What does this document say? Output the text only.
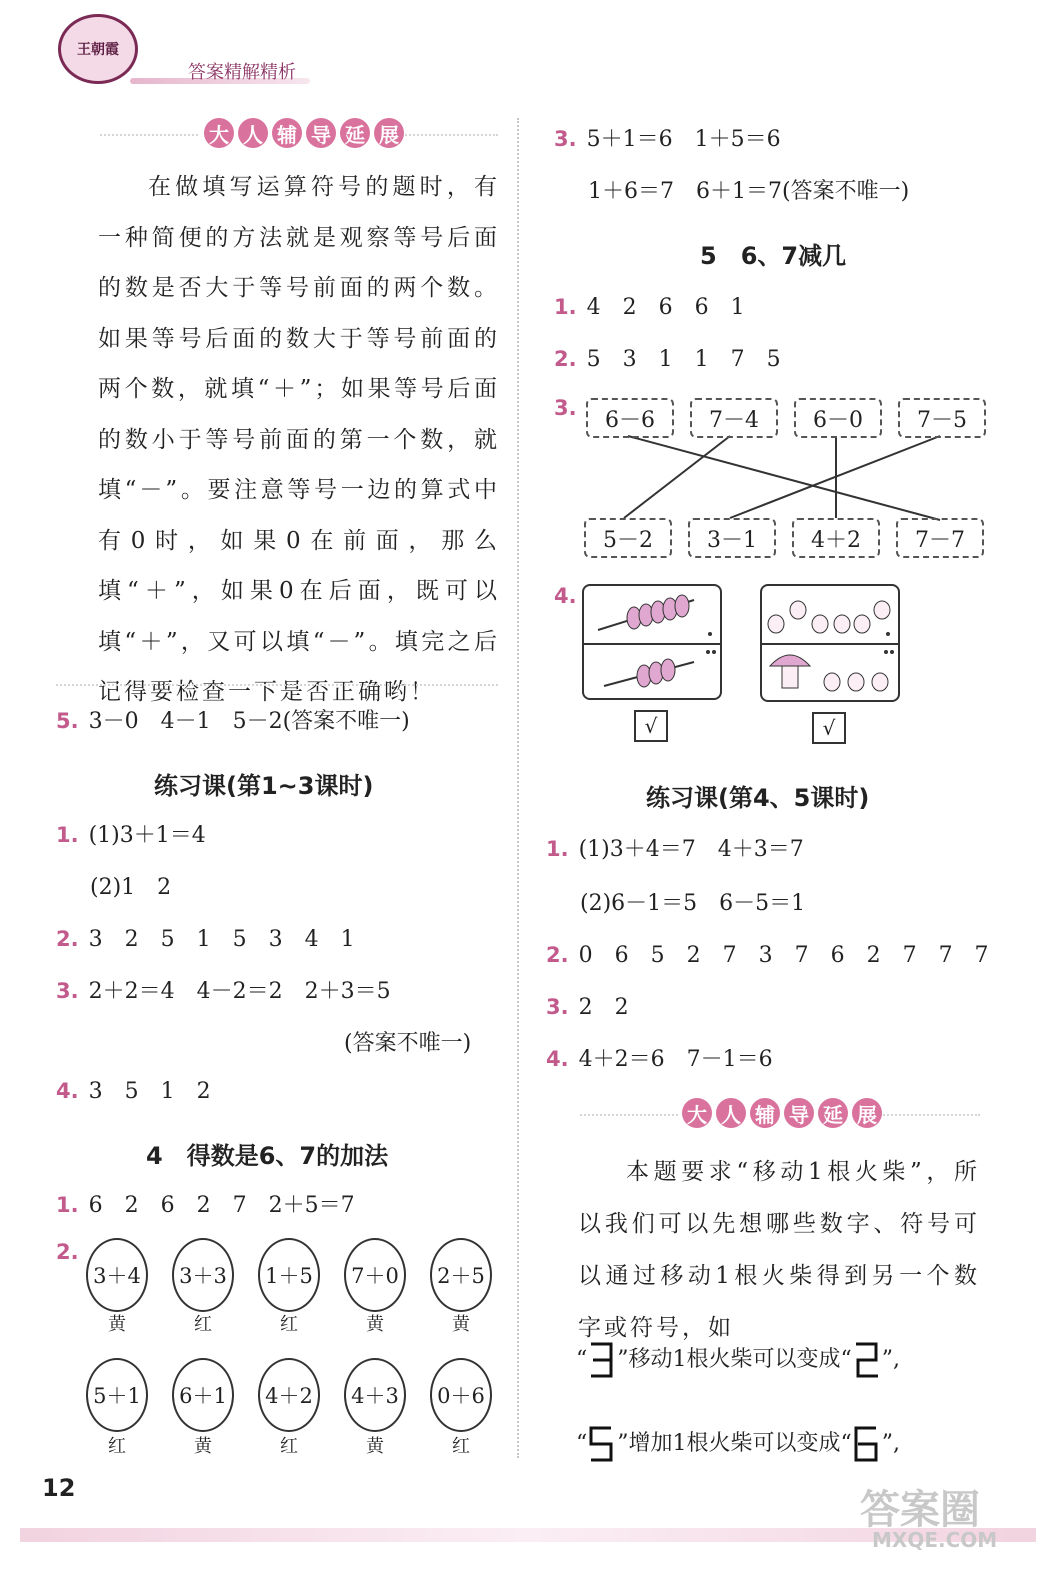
王朝霞
答案精解精析
大 人 辅 导 延 展

在做填写运算符号的题时，有一种简便的方法就是观察等号后面的数是否大于等号前面的两个数。如果等号后面的数大于等号前面的两个数，就填“＋”；如果等号后面的数小于等号前面的第一个数，就填“－”。要注意等号一边的算式中有0时，如果0在前面，那么填“＋”，如果0在后面，既可以填“＋”，又可以填“－”。填完之后记得要检查一下是否正确哟！

5. 3－0　4－1　5－2(答案不唯一)
练习课(第1~3课时)
1. (1)3＋1＝4
(2)1　2
2. 3　2　5　1　5　3　4　1
3. 2＋2＝4　4－2＝2　2＋3＝5
(答案不唯一)
4. 3　5　1　2
4　得数是6、7的加法
1. 6　2　6　2　7　2＋5＝7
2.
3＋4
黄
3＋3
红
1＋5
红
7＋0
黄
2＋5
黄
5＋1
红
6＋1
黄
4＋2
红
4＋3
黄
0＋6
红
3. 5＋1＝6　1＋5＝6
1＋6＝7　6＋1＝7(答案不唯一)
5　6、7减几
1. 4　2　6　6　1
2. 5　3　1　1　7　5
3.	6－6	7－4	6－0	7－5
5－2	3－1	4＋2	7－7
4.
√	√
练习课(第4、5课时)
1. (1)3＋4＝7　4＋3＝7
(2)6－1＝5　6－5＝1
2. 0　6　5　2　7　3　7　6　2　7　7　7
3. 2　2
4. 4＋2＝6　7－1＝6
大 人 辅 导 延 展

本题要求“移动1根火柴”，所以我们可以先想哪些数字、符号可以通过移动1根火柴得到另一个数字或符号，如

“ ”移动1根火柴可以变成“ ”,
“ ”增加1根火柴可以变成“ ”,
12	答案圈
MXQE.COM
